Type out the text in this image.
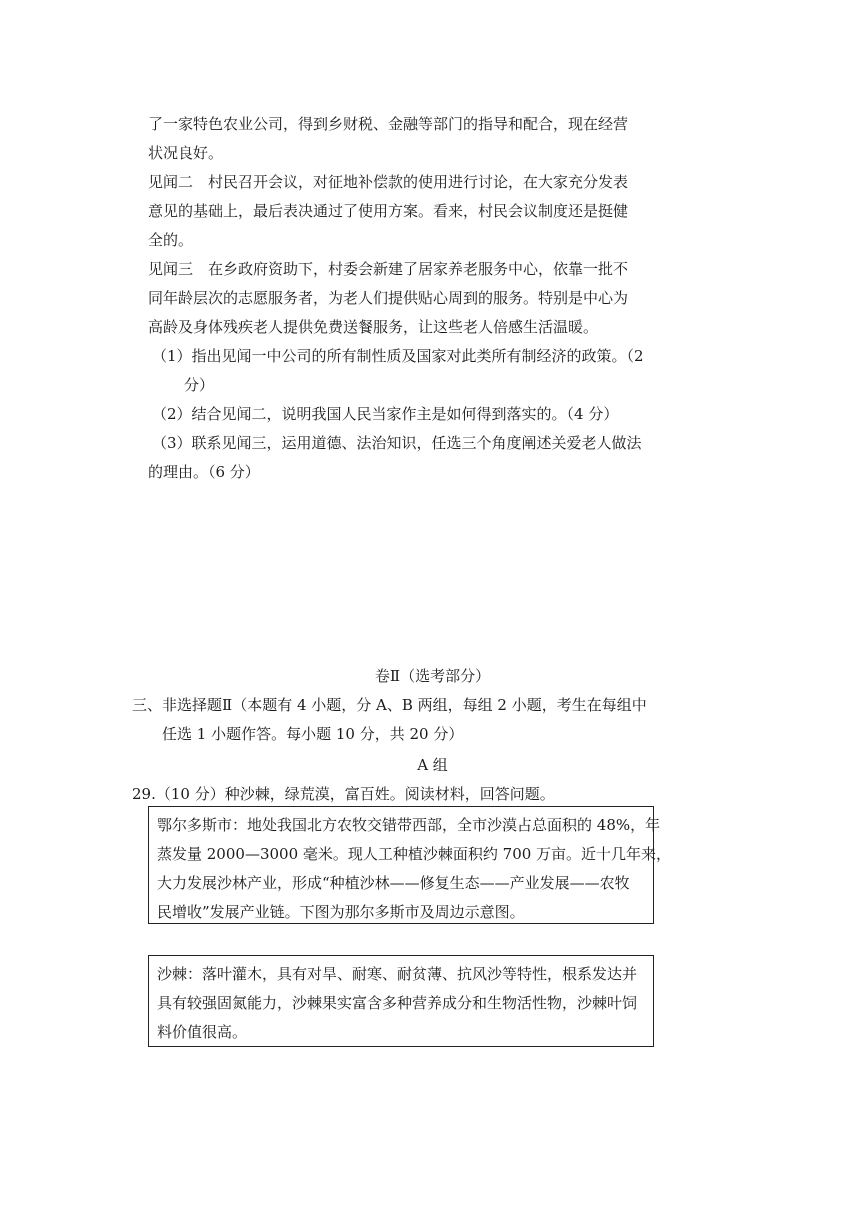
了一家特色农业公司，得到乡财税、金融等部门的指导和配合，现在经营
状况良好。
见闻二　村民召开会议，对征地补偿款的使用进行讨论，在大家充分发表
意见的基础上，最后表决通过了使用方案。看来，村民会议制度还是挺健
全的。
见闻三　在乡政府资助下，村委会新建了居家养老服务中心，依靠一批不
同年龄层次的志愿服务者，为老人们提供贴心周到的服务。特别是中心为
高龄及身体残疾老人提供免费送餐服务，让这些老人倍感生活温暖。
（1）指出见闻一中公司的所有制性质及国家对此类所有制经济的政策。（2
分）
（2）结合见闻二，说明我国人民当家作主是如何得到落实的。（4 分）
（3）联系见闻三，运用道德、法治知识，任选三个角度阐述关爱老人做法
的理由。（6 分）
卷Ⅱ（选考部分）
三、非选择题Ⅱ（本题有 4 小题，分 A、B 两组，每组 2 小题，考生在每组中
任选 1 小题作答。每小题 10 分，共 20 分）
A 组
29.（10 分）种沙棘，绿荒漠，富百姓。阅读材料，回答问题。

鄂尔多斯市：地处我国北方农牧交错带西部，全市沙漠占总面积的 48%，年

蒸发量 2000—3000 毫米。现人工种植沙棘面积约 700 万亩。近十几年来，

大力发展沙林产业，形成“种植沙林——修复生态——产业发展——农牧

民增收”发展产业链。下图为那尔多斯市及周边示意图。

沙棘：落叶灌木，具有对旱、耐寒、耐贫薄、抗风沙等特性，根系发达并

具有较强固氮能力，沙棘果实富含多种营养成分和生物活性物，沙棘叶饲

料价值很高。
